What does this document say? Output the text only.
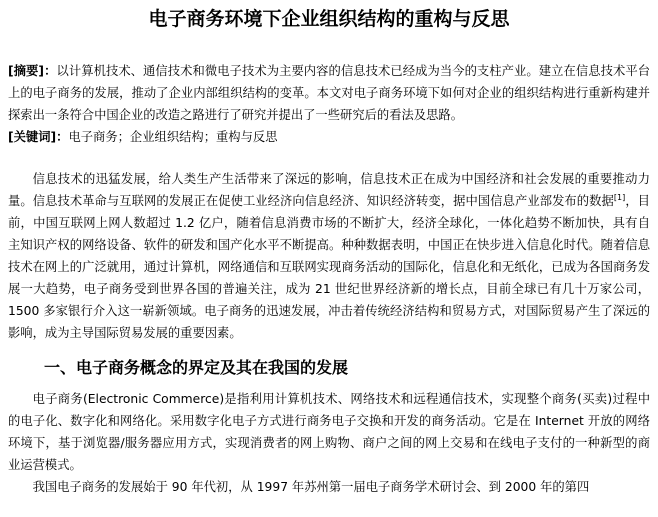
电子商务环境下企业组织结构的重构与反思

[摘要]：以计算机技术、通信技术和微电子技术为主要内容的信息技术已经成为当今的支柱产业。建立在信息技术平台上的电子商务的发展，推动了企业内部组织结构的变革。本文对电子商务环境下如何对企业的组织结构进行重新构建并探索出一条符合中国企业的改造之路进行了研究并提出了一些研究后的看法及思路。

[关键词]：电子商务；企业组织结构；重构与反思

信息技术的迅猛发展，给人类生产生活带来了深远的影响，信息技术正在成为中国经济和社会发展的重要推动力量。信息技术革命与互联网的发展正在促使工业经济向信息经济、知识经济转变，据中国信息产业部发布的数据[1]，目前，中国互联网上网人数超过 1.2 亿户，随着信息消费市场的不断扩大，经济全球化，一体化趋势不断加快，具有自主知识产权的网络设备、软件的研发和国产化水平不断提高。种种数据表明，中国正在快步进入信息化时代。随着信息技术在网上的广泛就用，通过计算机，网络通信和互联网实现商务活动的国际化，信息化和无纸化，已成为各国商务发展一大趋势，电子商务受到世界各国的普遍关注，成为 21 世纪世界经济新的增长点，目前全球已有几十万家公司，1500 多家银行介入这一崭新领域。电子商务的迅速发展，冲击着传统经济结构和贸易方式，对国际贸易产生了深远的影响，成为主导国际贸易发展的重要因素。

一、电子商务概念的界定及其在我国的发展

电子商务(Electronic Commerce)是指利用计算机技术、网络技术和远程通信技术，实现整个商务(买卖)过程中的电子化、数字化和网络化。采用数字化电子方式进行商务电子交换和开发的商务活动。它是在 Internet 开放的网络环境下，基于浏览器/服务器应用方式，实现消费者的网上购物、商户之间的网上交易和在线电子支付的一种新型的商业运营模式。

我国电子商务的发展始于 90 年代初，从 1997 年苏州第一届电子商务学术研讨会、到 2000 年的第四
